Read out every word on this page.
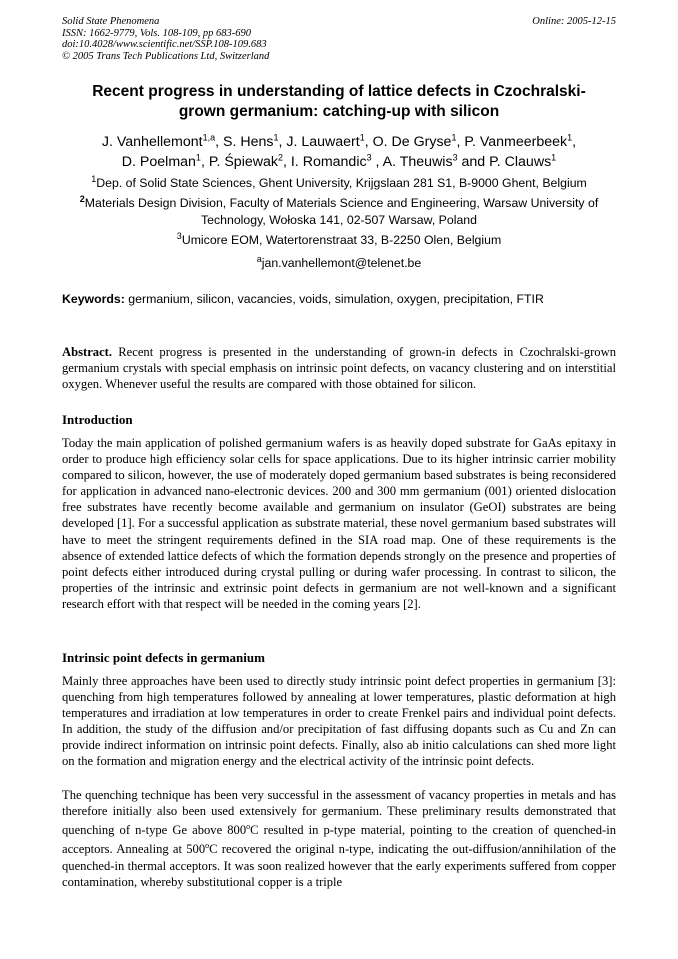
Solid State Phenomena
ISSN: 1662-9779, Vols. 108-109, pp 683-690
doi:10.4028/www.scientific.net/SSP.108-109.683
© 2005 Trans Tech Publications Ltd, Switzerland
Online: 2005-12-15
Recent progress in understanding of lattice defects in Czochralski-
grown germanium: catching-up with silicon
J. Vanhellemont$^{1,a}$, S. Hens$^1$, J. Lauwaert$^1$, O. De Gryse$^1$, P. Vanmeerbeek$^1$,
D. Poelman$^1$, P. Śpiewak$^2$, I. Romandic$^3$ , A. Theuwis$^3$ and P. Clauws$^1$
$^1$Dep. of Solid State Sciences, Ghent University, Krijgslaan 281 S1, B-9000 Ghent, Belgium
$^2$Materials Design Division, Faculty of Materials Science and Engineering, Warsaw University of
Technology, Wołoska 141, 02-507 Warsaw, Poland
$^3$Umicore EOM, Watertorenstraat 33, B-2250 Olen, Belgium
$^a$jan.vanhellemont@telenet.be
Keywords: germanium, silicon, vacancies, voids, simulation, oxygen, precipitation, FTIR
Abstract. Recent progress is presented in the understanding of grown-in defects in Czochralski-grown germanium crystals with special emphasis on intrinsic point defects, on vacancy clustering and on interstitial oxygen. Whenever useful the results are compared with those obtained for silicon.
Introduction
Today the main application of polished germanium wafers is as heavily doped substrate for GaAs epitaxy in order to produce high efficiency solar cells for space applications. Due to its higher intrinsic carrier mobility compared to silicon, however, the use of moderately doped germanium based substrates is being reconsidered for application in advanced nano-electronic devices. 200 and 300 mm germanium (001) oriented dislocation free substrates have recently become available and germanium on insulator (GeOI) substrates are being developed [1]. For a successful application as substrate material, these novel germanium based substrates will have to meet the stringent requirements defined in the SIA road map. One of these requirements is the absence of extended lattice defects of which the formation depends strongly on the presence and properties of point defects either introduced during crystal pulling or during wafer processing. In contrast to silicon, the properties of the intrinsic and extrinsic point defects in germanium are not well-known and a significant research effort with that respect will be needed in the coming years [2].
Intrinsic point defects in germanium
Mainly three approaches have been used to directly study intrinsic point defect properties in germanium [3]: quenching from high temperatures followed by annealing at lower temperatures, plastic deformation at high temperatures and irradiation at low temperatures in order to create Frenkel pairs and individual point defects. In addition, the study of the diffusion and/or precipitation of fast diffusing dopants such as Cu and Zn can provide indirect information on intrinsic point defects. Finally, also ab initio calculations can shed more light on the formation and migration energy and the electrical activity of the intrinsic point defects.
The quenching technique has been very successful in the assessment of vacancy properties in metals and has therefore initially also been used extensively for germanium. These preliminary results demonstrated that quenching of n-type Ge above 800$^o$C resulted in p-type material, pointing to the creation of quenched-in acceptors. Annealing at 500$^o$C recovered the original n-type, indicating the out-diffusion/annihilation of the quenched-in thermal acceptors. It was soon realized however that the early experiments suffered from copper contamination, whereby substitutional copper is a triple
